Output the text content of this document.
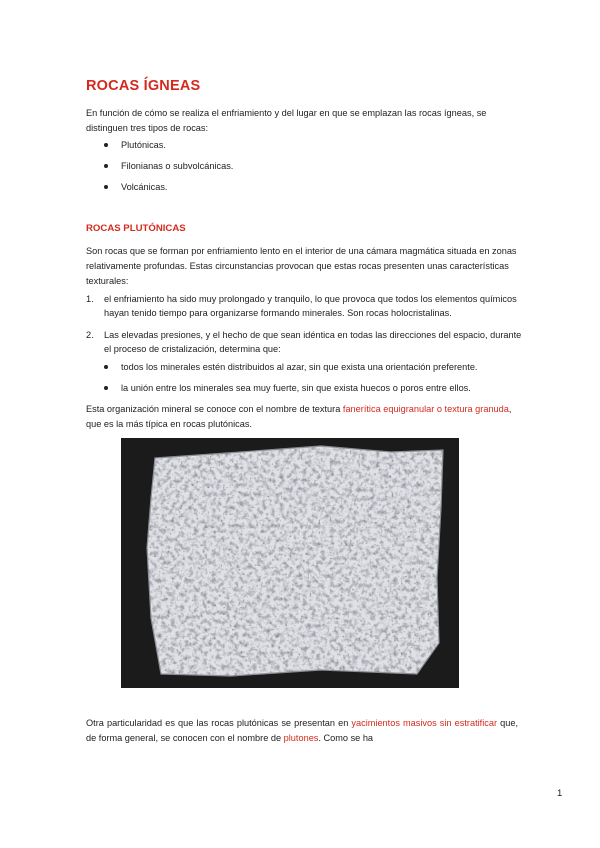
ROCAS ÍGNEAS
En función de cómo se realiza el enfriamiento y del lugar en que se emplazan las rocas ígneas, se distinguen tres tipos de rocas:
Plutónicas.
Filonianas o subvolcánicas.
Volcánicas.
ROCAS PLUTÓNICAS
Son rocas que se forman por enfriamiento lento en el interior de una cámara magmática situada en zonas relativamente profundas. Estas circunstancias provocan que estas rocas presenten unas características texturales:
1. el enfriamiento ha sido muy prolongado y tranquilo, lo que provoca que todos los elementos químicos hayan tenido tiempo para organizarse formando minerales. Son rocas holocristalinas.
2. Las elevadas presiones, y el hecho de que sean idéntica en todas las direcciones del espacio, durante el proceso de cristalización, determina que:
todos los minerales estén distribuidos al azar, sin que exista una orientación preferente.
la unión entre los minerales sea muy fuerte, sin que exista huecos o poros entre ellos.
Esta organización mineral se conoce con el nombre de textura fanerítica equigranular o textura granuda, que es la más típica en rocas plutónicas.
Otra particularidad es que las rocas plutónicas se presentan en yacimientos masivos sin estratificar que, de forma general, se conocen con el nombre de plutones. Como se ha
1
